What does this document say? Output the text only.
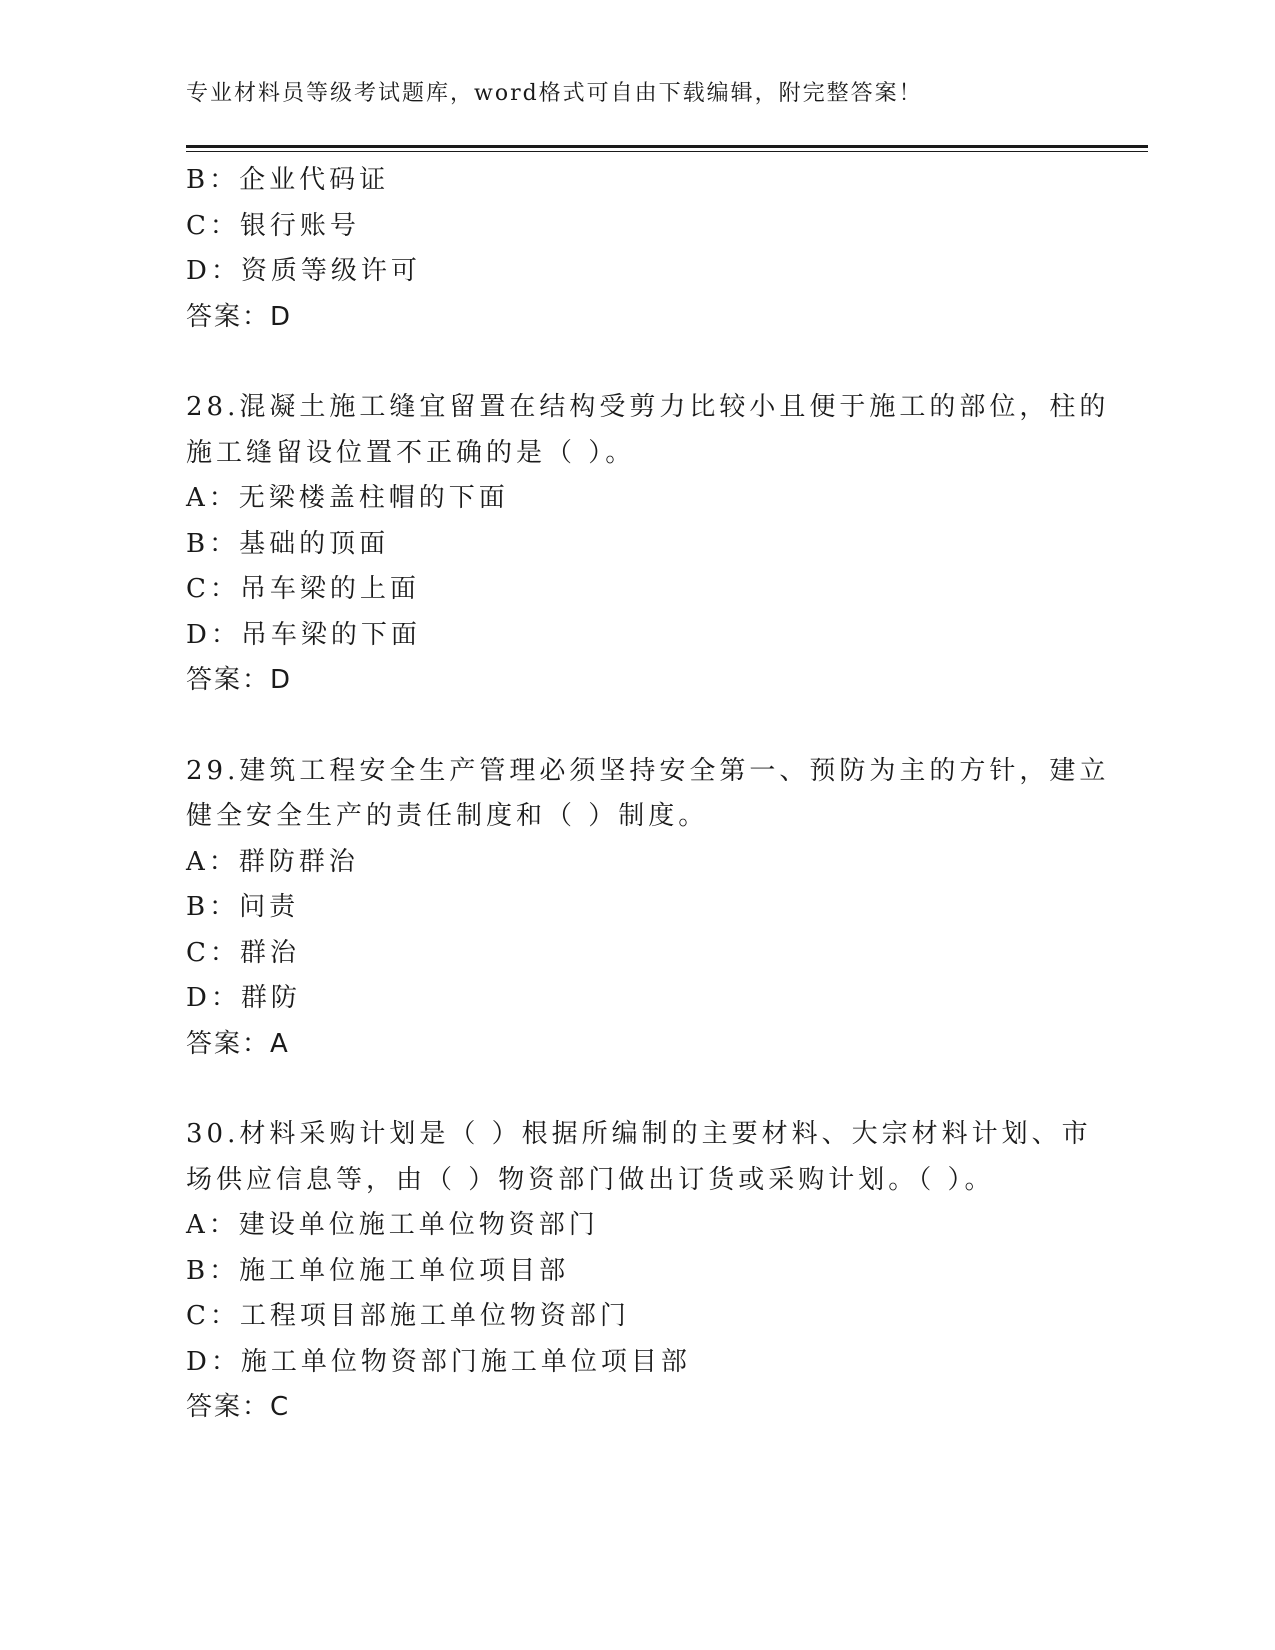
专业材料员等级考试题库，word格式可自由下载编辑，附完整答案！
B：企业代码证
C：银行账号
D：资质等级许可
答案：D
28.混凝土施工缝宜留置在结构受剪力比较小且便于施工的部位，柱的
施工缝留设位置不正确的是（ ）。
A：无梁楼盖柱帽的下面
B：基础的顶面
C：吊车梁的上面
D：吊车梁的下面
答案：D
29.建筑工程安全生产管理必须坚持安全第一、预防为主的方针，建立
健全安全生产的责任制度和（ ）制度。
A：群防群治
B：问责
C：群治
D：群防
答案：A
30.材料采购计划是（ ）根据所编制的主要材料、大宗材料计划、市
场供应信息等，由（ ）物资部门做出订货或采购计划。（ ）。
A：建设单位施工单位物资部门
B：施工单位施工单位项目部
C：工程项目部施工单位物资部门
D：施工单位物资部门施工单位项目部
答案：C
